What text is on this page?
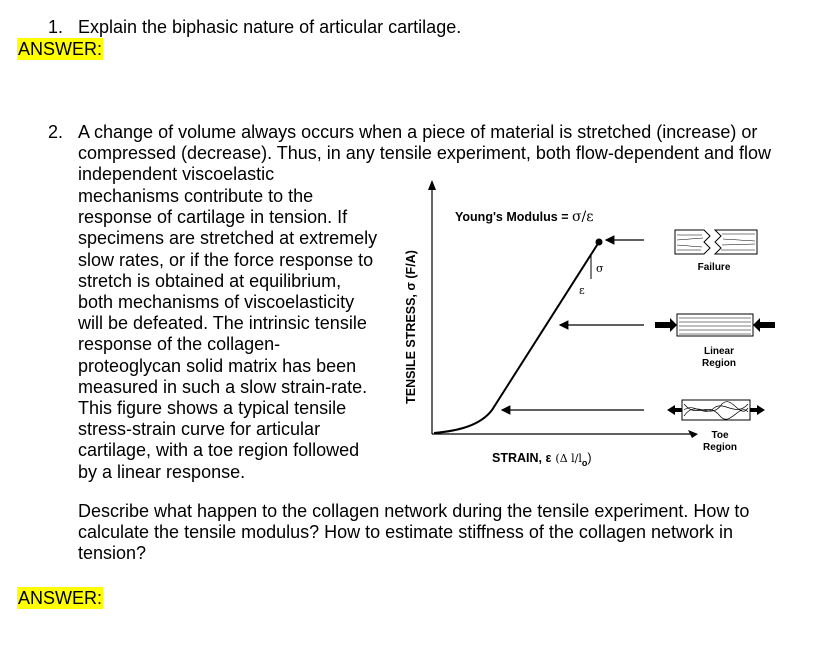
1. Explain the biphasic nature of articular cartilage.
ANSWER:
2. A change of volume always occurs when a piece of material is stretched (increase) or
compressed (decrease). Thus, in any tensile experiment, both flow-dependent and flow
independent viscoelastic
mechanisms contribute to the
response of cartilage in tension. If
specimens are stretched at extremely
slow rates, or if the force response to
stretch is obtained at equilibrium,
both mechanisms of viscoelasticity
will be defeated. The intrinsic tensile
response of the collagen-
proteoglycan solid matrix has been
measured in such a slow strain-rate.
This figure shows a typical tensile
stress-strain curve for articular
cartilage, with a toe region followed
by a linear response.
TENSILE STRESS, σ (F/A)	σ
ε
Young's Modulus = σ/ε
STRAIN, ε (Δ $l/l_o$)
Failure
Linear
Region
Toe
Region
Describe what happen to the collagen network during the tensile experiment. How to
calculate the tensile modulus? How to estimate stiffness of the collagen network in
tension?
ANSWER:
